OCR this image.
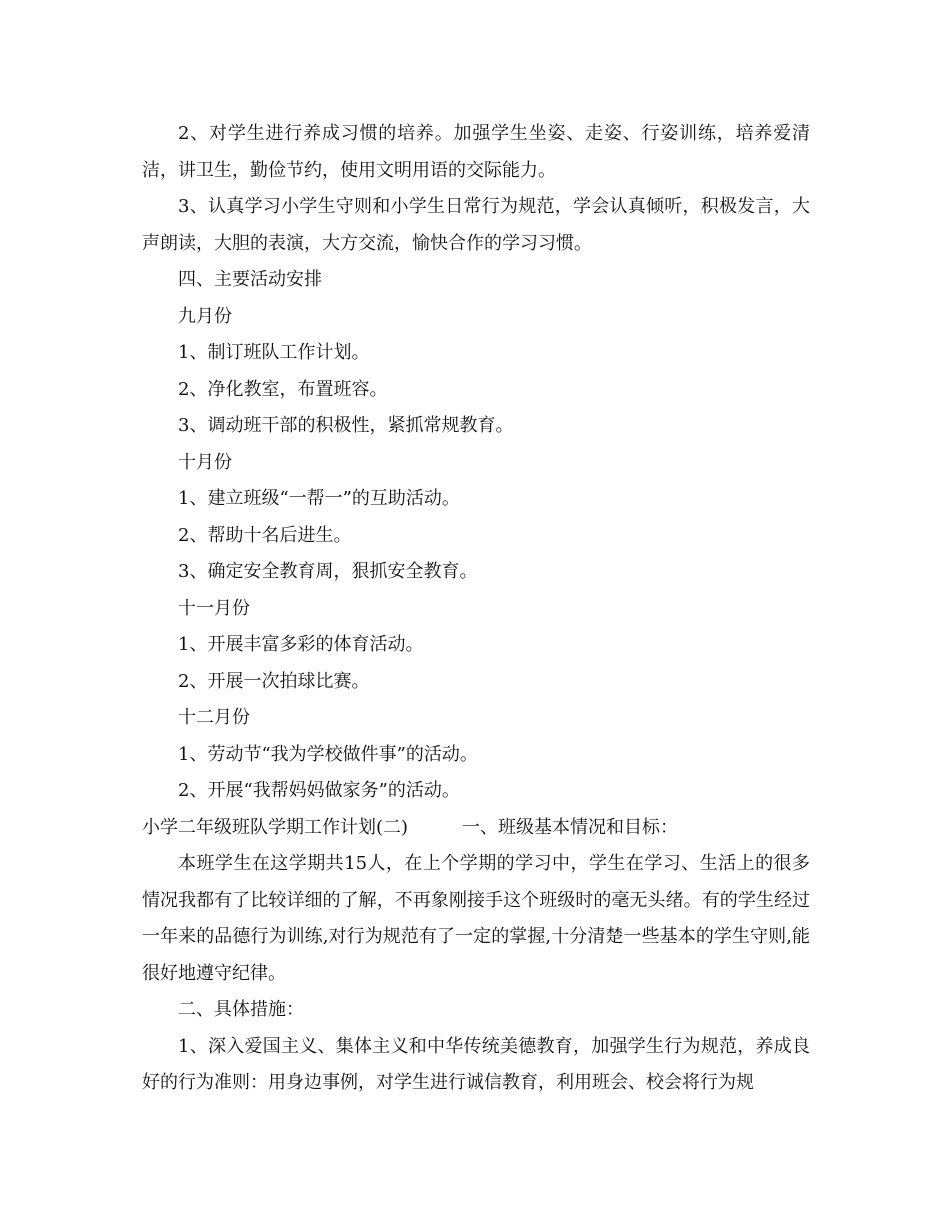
2、对学生进行养成习惯的培养。加强学生坐姿、走姿、行姿训练，培养爱清洁，讲卫生，勤俭节约，使用文明用语的交际能力。

3、认真学习小学生守则和小学生日常行为规范，学会认真倾听，积极发言，大声朗读，大胆的表演，大方交流，愉快合作的学习习惯。

四、主要活动安排

九月份

1、制订班队工作计划。

2、净化教室，布置班容。

3、调动班干部的积极性，紧抓常规教育。

十月份

1、建立班级“一帮一”的互助活动。

2、帮助十名后进生。

3、确定安全教育周，狠抓安全教育。

十一月份

1、开展丰富多彩的体育活动。

2、开展一次拍球比赛。

十二月份

1、劳动节“我为学校做件事”的活动。

2、开展“我帮妈妈做家务”的活动。

小学二年级班队学期工作计划(二)	一、班级基本情况和目标：

本班学生在这学期共15人，在上个学期的学习中，学生在学习、生活上的很多情况我都有了比较详细的了解，不再象刚接手这个班级时的毫无头绪。有的学生经过一年来的品德行为训练,对行为规范有了一定的掌握,十分清楚一些基本的学生守则,能很好地遵守纪律。

二、具体措施：

1、深入爱国主义、集体主义和中华传统美德教育，加强学生行为规范，养成良好的行为准则：用身边事例，对学生进行诚信教育，利用班会、校会将行为规
